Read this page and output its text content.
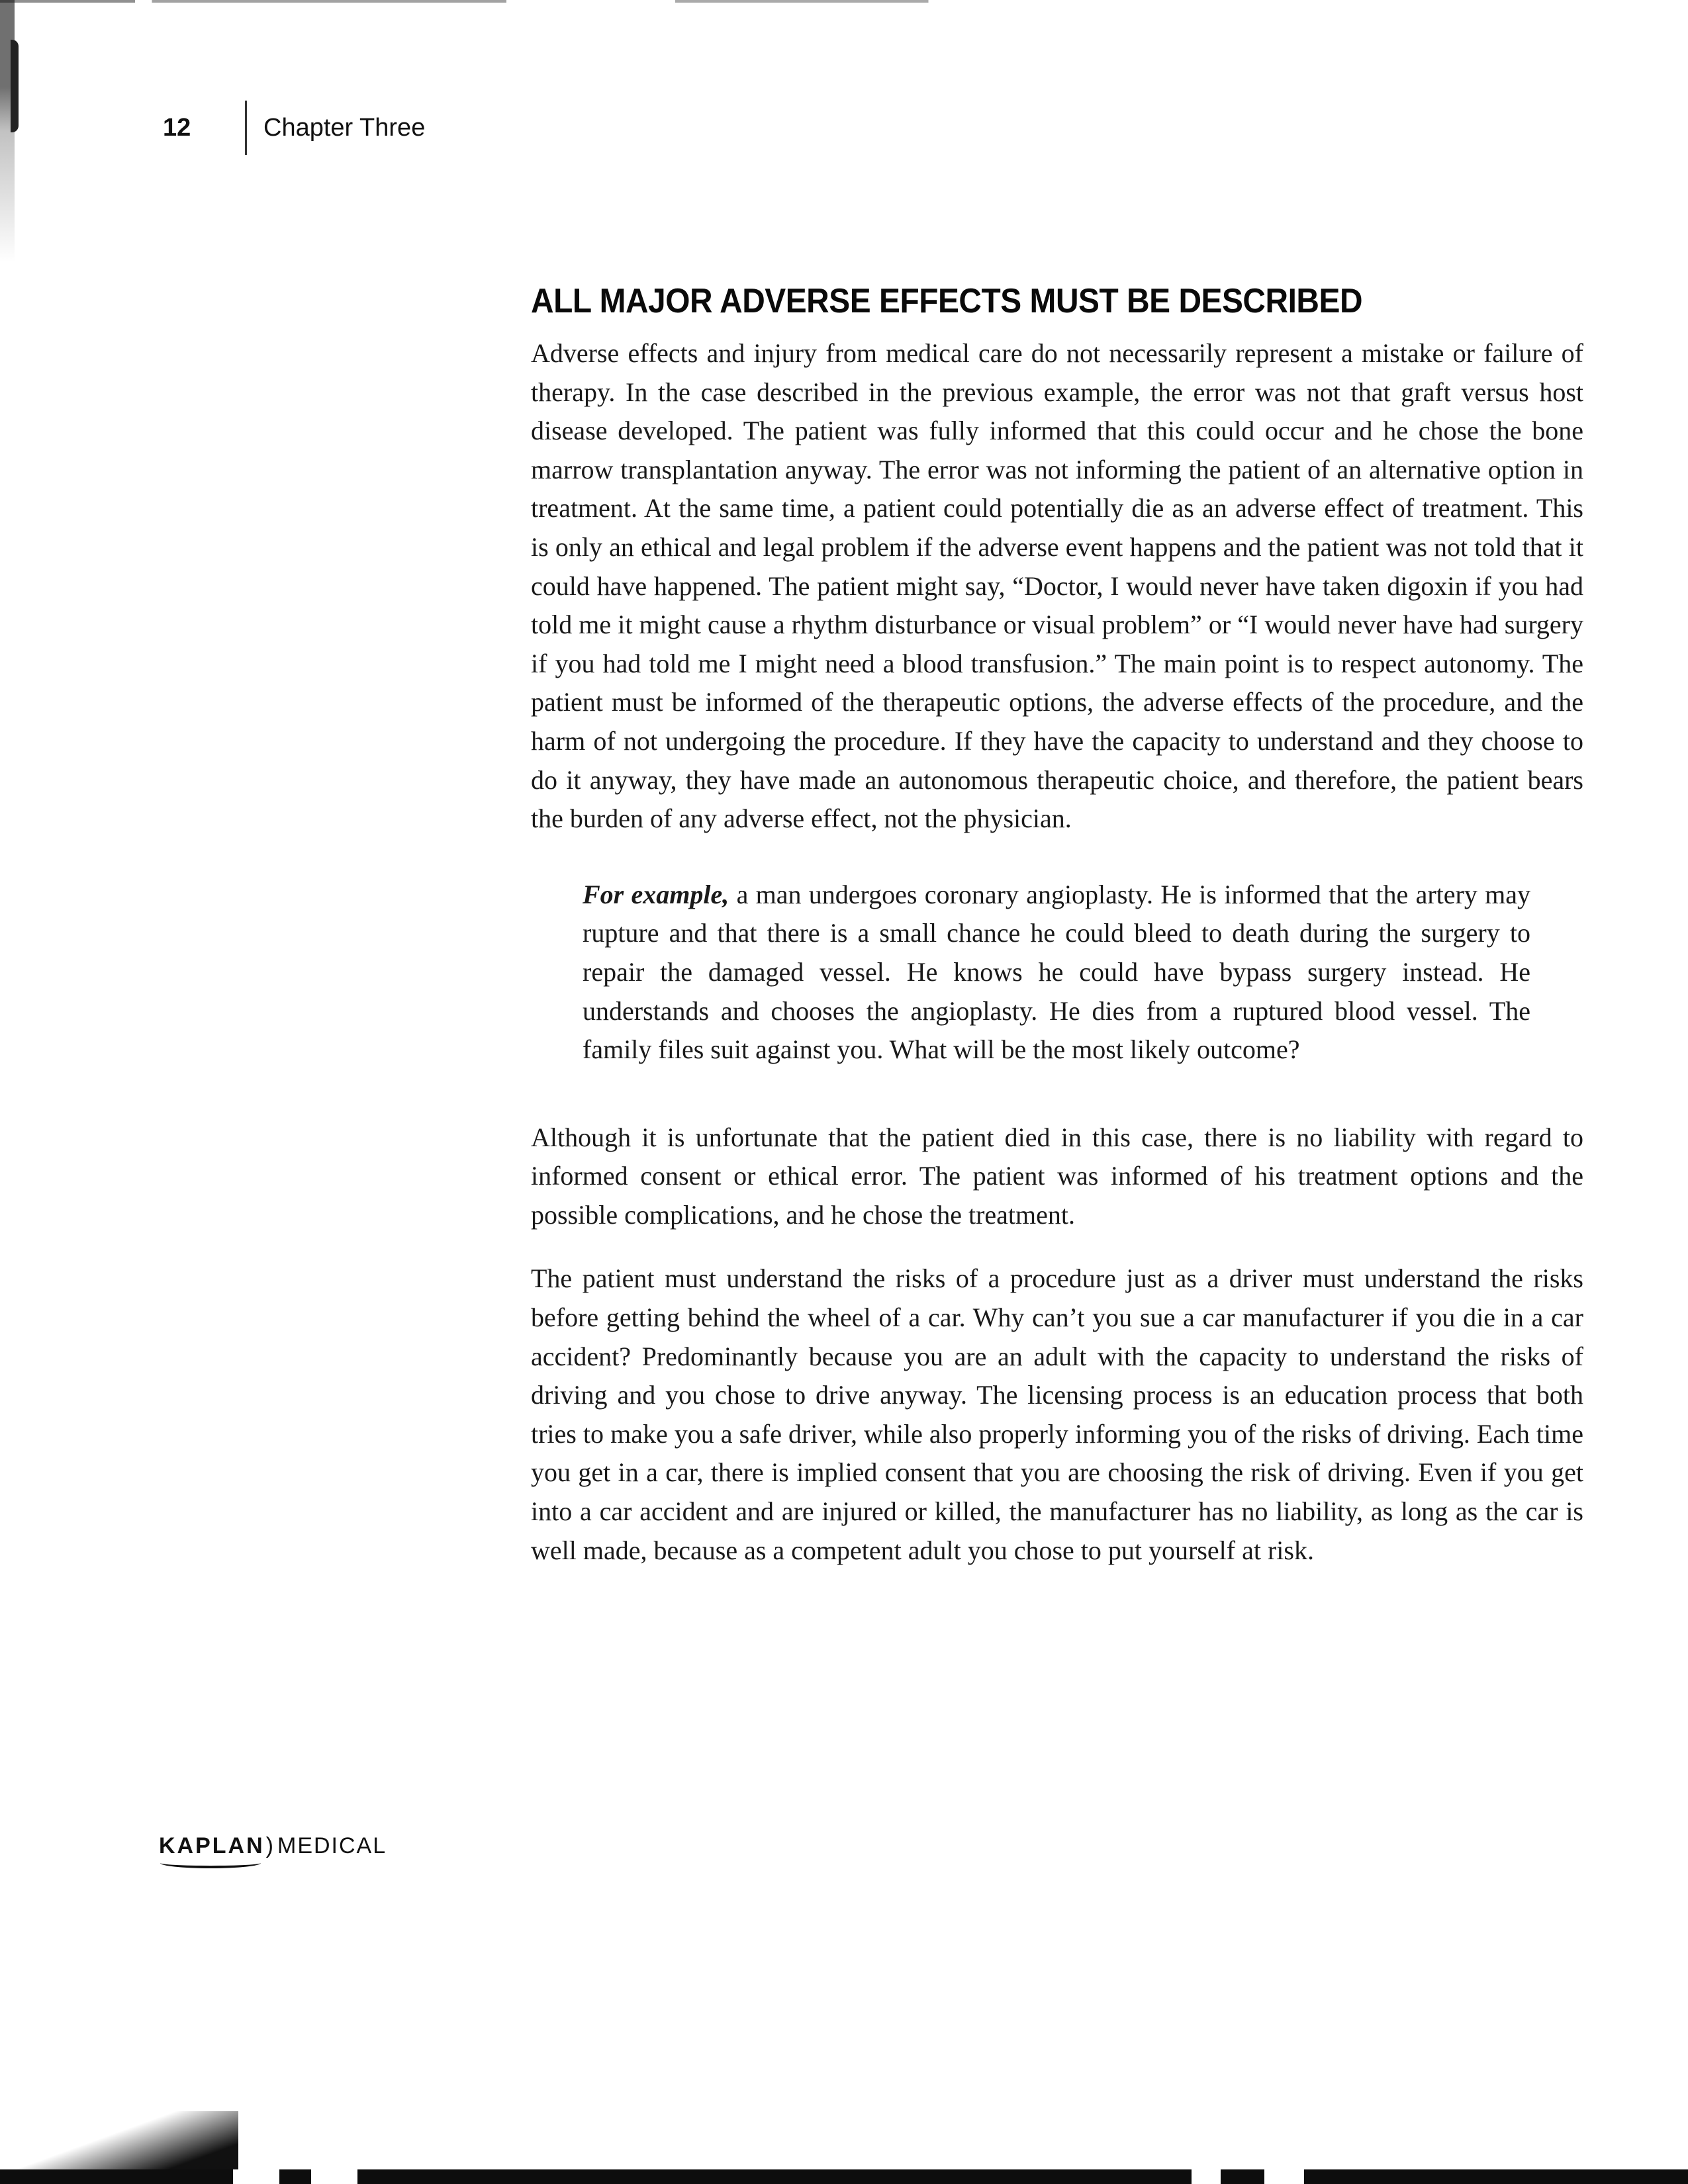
12	Chapter Three
ALL MAJOR ADVERSE EFFECTS MUST BE DESCRIBED

Adverse effects and injury from medical care do not necessarily represent a mistake or failure of therapy. In the case described in the previous example, the error was not that graft versus host disease developed. The patient was fully informed that this could occur and he chose the bone marrow transplantation anyway. The error was not informing the patient of an alternative option in treatment. At the same time, a patient could potentially die as an adverse effect of treatment. This is only an ethical and legal problem if the adverse event happens and the patient was not told that it could have happened. The patient might say, “Doctor, I would never have taken digoxin if you had told me it might cause a rhythm disturbance or visual problem” or “I would never have had surgery if you had told me I might need a blood transfusion.” The main point is to respect autonomy. The patient must be informed of the therapeutic options, the adverse effects of the procedure, and the harm of not undergoing the procedure. If they have the capacity to understand and they choose to do it anyway, they have made an autonomous therapeutic choice, and therefore, the patient bears the burden of any adverse effect, not the physician.

For example, a man undergoes coronary angioplasty. He is informed that the artery may rupture and that there is a small chance he could bleed to death during the surgery to repair the damaged vessel. He knows he could have bypass surgery instead. He understands and chooses the angioplasty. He dies from a ruptured blood vessel. The family files suit against you. What will be the most likely outcome?

Although it is unfortunate that the patient died in this case, there is no liability with regard to informed consent or ethical error. The patient was informed of his treatment options and the possible complications, and he chose the treatment.

The patient must understand the risks of a procedure just as a driver must understand the risks before getting behind the wheel of a car. Why can’t you sue a car manufacturer if you die in a car accident? Predominantly because you are an adult with the capacity to understand the risks of driving and you chose to drive anyway. The licensing process is an education process that both tries to make you a safe driver, while also properly informing you of the risks of driving. Each time you get in a car, there is implied consent that you are choosing the risk of driving. Even if you get into a car accident and are injured or killed, the manufacturer has no liability, as long as the car is well made, because as a competent adult you chose to put yourself at risk.

KAPLAN ) MEDICAL
